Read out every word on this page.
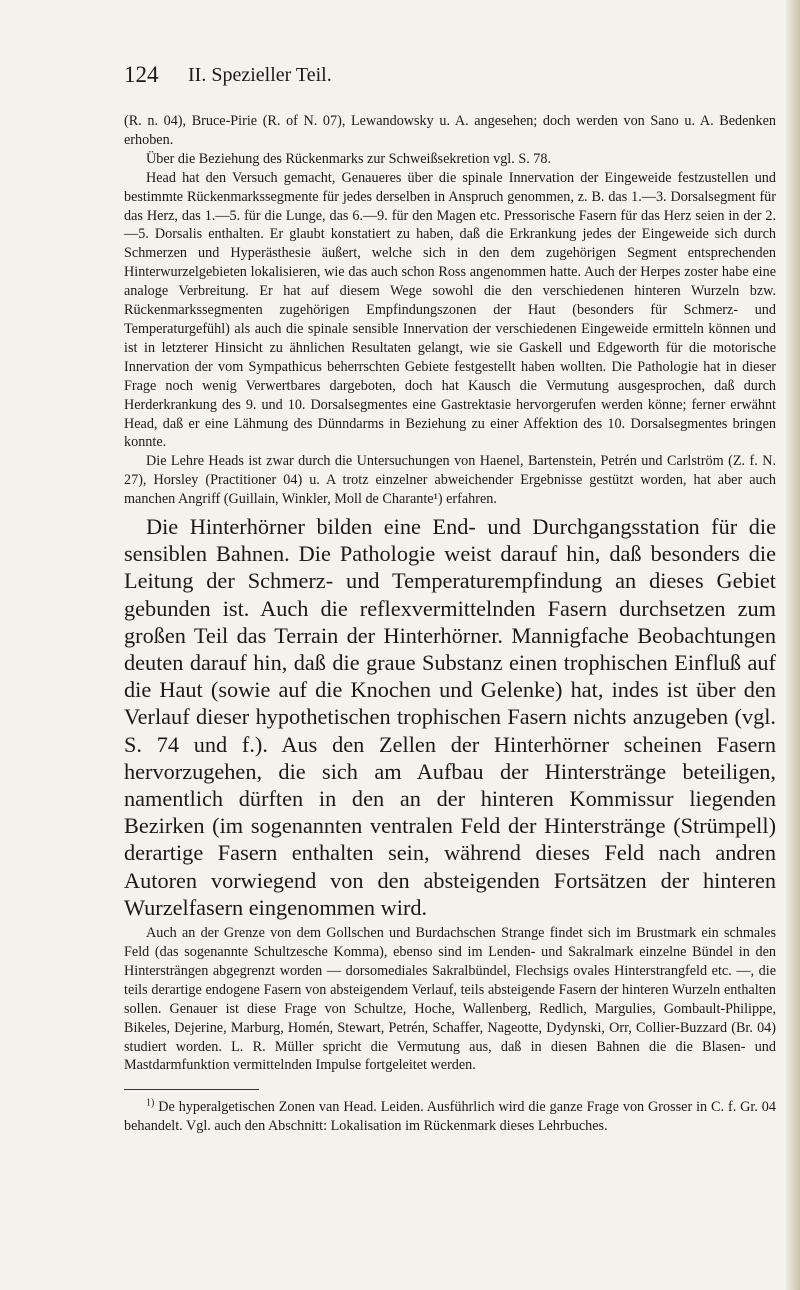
124 II. Spezieller Teil.

(R. n. 04), Bruce-Pirie (R. of N. 07), Lewandowsky u. A. angesehen; doch werden von Sano u. A. Bedenken erhoben.

Über die Beziehung des Rückenmarks zur Schweißsekretion vgl. S. 78.

Head hat den Versuch gemacht, Genaueres über die spinale Innervation der Eingeweide festzustellen und bestimmte Rückenmarkssegmente für jedes derselben in Anspruch genommen, z. B. das 1.—3. Dorsalsegment für das Herz, das 1.—5. für die Lunge, das 6.—9. für den Magen etc. Pressorische Fasern für das Herz seien in der 2.—5. Dorsalis enthalten. Er glaubt konstatiert zu haben, daß die Erkrankung jedes der Eingeweide sich durch Schmerzen und Hyperästhesie äußert, welche sich in den dem zugehörigen Segment entsprechenden Hinterwurzelgebieten lokalisieren, wie das auch schon Ross angenommen hatte. Auch der Herpes zoster habe eine analoge Verbreitung. Er hat auf diesem Wege sowohl die den verschiedenen hinteren Wurzeln bzw. Rückenmarkssegmenten zugehörigen Empfindungszonen der Haut (besonders für Schmerz- und Temperaturgefühl) als auch die spinale sensible Innervation der verschiedenen Eingeweide ermitteln können und ist in letzterer Hinsicht zu ähnlichen Resultaten gelangt, wie sie Gaskell und Edgeworth für die motorische Innervation der vom Sympathicus beherrschten Gebiete festgestellt haben wollten. Die Pathologie hat in dieser Frage noch wenig Verwertbares dargeboten, doch hat Kausch die Vermutung ausgesprochen, daß durch Herderkrankung des 9. und 10. Dorsalsegmentes eine Gastrektasie hervorgerufen werden könne; ferner erwähnt Head, daß er eine Lähmung des Dünndarms in Beziehung zu einer Affektion des 10. Dorsalsegmentes bringen konnte.

Die Lehre Heads ist zwar durch die Untersuchungen von Haenel, Bartenstein, Petrén und Carlström (Z. f. N. 27), Horsley (Practitioner 04) u. A trotz einzelner abweichender Ergebnisse gestützt worden, hat aber auch manchen Angriff (Guillain, Winkler, Moll de Charante¹) erfahren.

Die Hinterhörner bilden eine End- und Durchgangsstation für die sensiblen Bahnen. Die Pathologie weist darauf hin, daß besonders die Leitung der Schmerz- und Temperaturempfindung an dieses Gebiet gebunden ist. Auch die reflexvermittelnden Fasern durchsetzen zum großen Teil das Terrain der Hinterhörner. Mannigfache Beobachtungen deuten darauf hin, daß die graue Substanz einen trophischen Einfluß auf die Haut (sowie auf die Knochen und Gelenke) hat, indes ist über den Verlauf dieser hypothetischen trophischen Fasern nichts anzugeben (vgl. S. 74 und f.). Aus den Zellen der Hinterhörner scheinen Fasern hervorzugehen, die sich am Aufbau der Hinterstränge beteiligen, namentlich dürften in den an der hinteren Kommissur liegenden Bezirken (im sogenannten ventralen Feld der Hinterstränge (Strümpell) derartige Fasern enthalten sein, während dieses Feld nach andren Autoren vorwiegend von den absteigenden Fortsätzen der hinteren Wurzelfasern eingenommen wird.

Auch an der Grenze von dem Gollschen und Burdachschen Strange findet sich im Brustmark ein schmales Feld (das sogenannte Schultzesche Komma), ebenso sind im Lenden- und Sakralmark einzelne Bündel in den Hintersträngen abgegrenzt worden — dorsomediales Sakralbündel, Flechsigs ovales Hinterstrangfeld etc. —, die teils derartige endogene Fasern von absteigendem Verlauf, teils absteigende Fasern der hinteren Wurzeln enthalten sollen. Genauer ist diese Frage von Schultze, Hoche, Wallenberg, Redlich, Margulies, Gombault-Philippe, Bikeles, Dejerine, Marburg, Homén, Stewart, Petrén, Schaffer, Nageotte, Dydynski, Orr, Collier-Buzzard (Br. 04) studiert worden. L. R. Müller spricht die Vermutung aus, daß in diesen Bahnen die die Blasen- und Mastdarmfunktion vermittelnden Impulse fortgeleitet werden.

$^{1)}$ De hyperalgetischen Zonen van Head. Leiden. Ausführlich wird die ganze Frage von Grosser in C. f. Gr. 04 behandelt. Vgl. auch den Abschnitt: Lokalisation im Rückenmark dieses Lehrbuches.
